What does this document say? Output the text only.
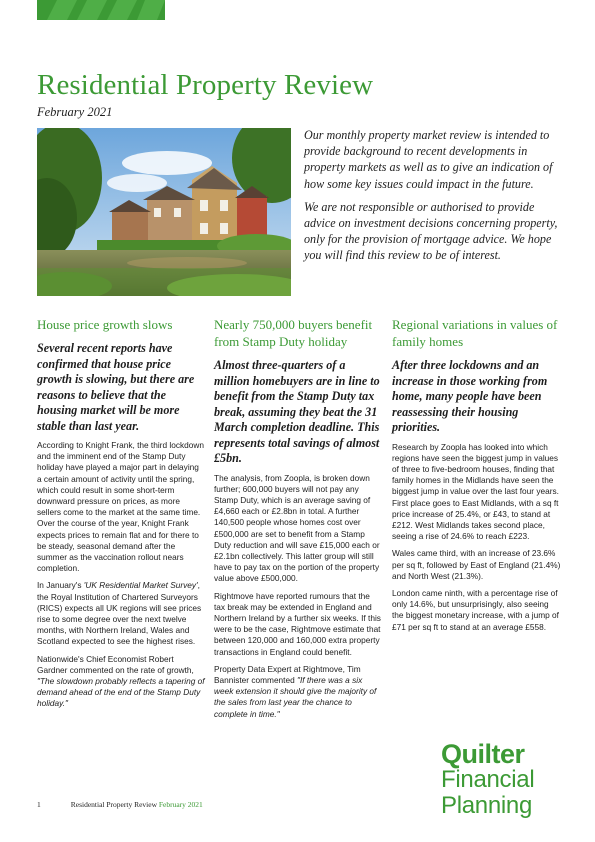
Residential Property Review
February 2021

Our monthly property market review is intended to provide background to recent developments in property markets as well as to give an indication of how some key issues could impact in the future.

We are not responsible or authorised to provide advice on investment decisions concerning property, only for the provision of mortgage advice. We hope you will find this review to be of interest.

House price growth slows

Several recent reports have confirmed that house price growth is slowing, but there are reasons to believe that the housing market will be more stable than last year.

According to Knight Frank, the third lockdown and the imminent end of the Stamp Duty holiday have played a major part in delaying a certain amount of activity until the spring, which could result in some short-term downward pressure on prices, as more sellers come to the market at the same time. Over the course of the year, Knight Frank expects prices to remain flat and for there to be steady, seasonal demand after the summer as the vaccination rollout nears completion.

In January's 'UK Residential Market Survey', the Royal Institution of Chartered Surveyors (RICS) expects all UK regions will see prices rise to some degree over the next twelve months, with Northern Ireland, Wales and Scotland expected to see the highest rises.

Nationwide's Chief Economist Robert Gardner commented on the rate of growth, "The slowdown probably reflects a tapering of demand ahead of the end of the Stamp Duty holiday."

Nearly 750,000 buyers benefit from Stamp Duty holiday

Almost three-quarters of a million homebuyers are in line to benefit from the Stamp Duty tax break, assuming they beat the 31 March completion deadline. This represents total savings of almost £5bn.

The analysis, from Zoopla, is broken down further; 600,000 buyers will not pay any Stamp Duty, which is an average saving of £4,660 each or £2.8bn in total. A further 140,500 people whose homes cost over £500,000 are set to benefit from a Stamp Duty reduction and will save £15,000 each or £2.1bn collectively. This latter group will still have to pay tax on the portion of the property value above £500,000.

Rightmove have reported rumours that the tax break may be extended in England and Northern Ireland by a further six weeks. If this were to be the case, Rightmove estimate that between 120,000 and 160,000 extra property transactions in England could benefit.

Property Data Expert at Rightmove, Tim Bannister commented "If there was a six week extension it should give the majority of the sales from last year the chance to complete in time."

Regional variations in values of family homes

After three lockdowns and an increase in those working from home, many people have been reassessing their housing priorities.

Research by Zoopla has looked into which regions have seen the biggest jump in values of three to five-bedroom houses, finding that family homes in the Midlands have seen the biggest jump in value over the last four years. First place goes to East Midlands, with a sq ft price increase of 25.4%, or £43, to stand at £212. West Midlands takes second place, seeing a rise of 24.6% to reach £223.

Wales came third, with an increase of 23.6% per sq ft, followed by East of England (21.4%) and North West (21.3%).

London came ninth, with a percentage rise of only 14.6%, but unsurprisingly, also seeing the biggest monetary increase, with a jump of £71 per sq ft to stand at an average £558.

Quilter
Financial
Planning
1	Residential Property Review February 2021
